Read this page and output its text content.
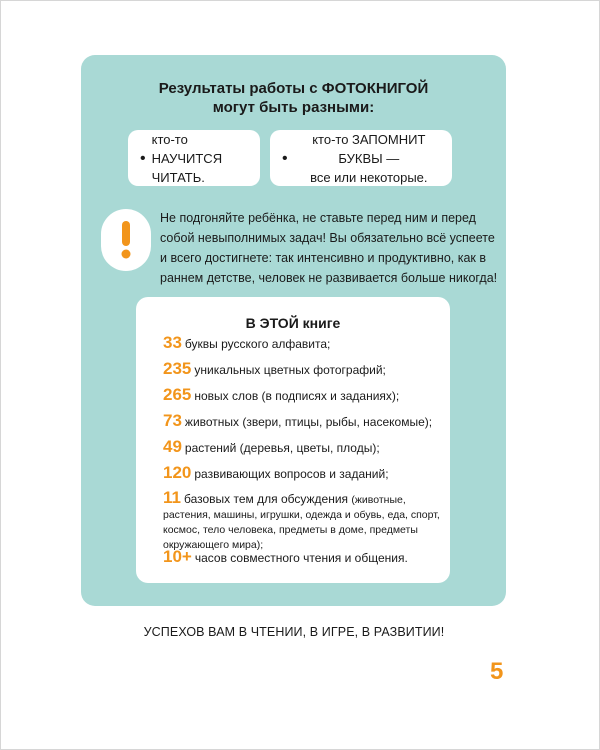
Результаты работы с ФОТОКНИГОЙ
могут быть разными:
•
кто-то НАУЧИТСЯ
ЧИТАТЬ.
•
кто-то ЗАПОМНИТ БУКВЫ —
все или некоторые.
Не подгоняйте ребёнка, не ставьте перед ним и перед собой невыполнимых задач! Вы обязательно всё успеете и всего достигнете: так интенсивно и продуктивно, как в раннем детстве, человек не развивается больше никогда!
В ЭТОЙ книге
33 буквы русского алфавита;
235 уникальных цветных фотографий;
265 новых слов (в подписях и заданиях);
73 животных (звери, птицы, рыбы, насекомые);
49 растений (деревья, цветы, плоды);
120 развивающих вопросов и заданий;
11 базовых тем для обсуждения (животные, растения, машины, игрушки, одежда и обувь, еда, спорт, космос, тело человека, предметы в доме, предметы окружающего мира);
10+ часов совместного чтения и общения.
УСПЕХОВ ВАМ В ЧТЕНИИ, В ИГРЕ, В РАЗВИТИИ!
5
